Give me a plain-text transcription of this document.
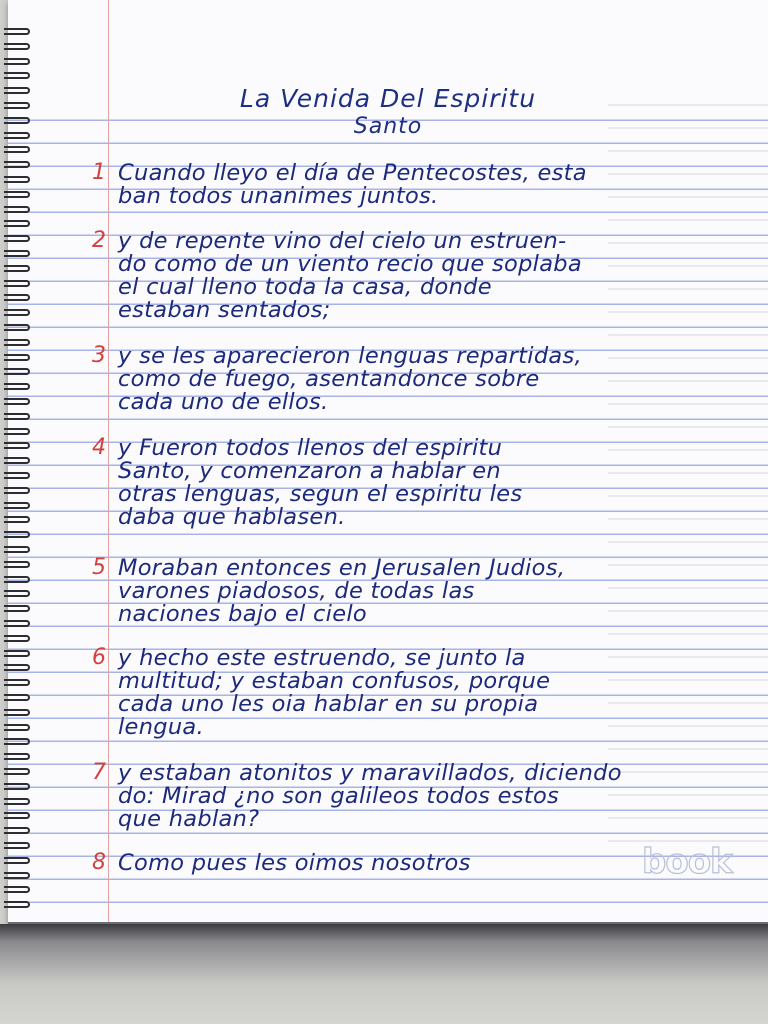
La Venida Del Espiritu
Santo
1 Cuando lleyo el día de Pentecostes, esta
ban todos unanimes juntos.
2 y de repente vino del cielo un estruen-
do como de un viento recio que soplaba
el cual lleno toda la casa, donde
estaban sentados;
3 y se les aparecieron lenguas repartidas,
como de fuego, asentandonce sobre
cada uno de ellos.
4 y Fueron todos llenos del espiritu
Santo, y comenzaron a hablar en
otras lenguas, segun el espiritu les
daba que hablasen.
5 Moraban entonces en Jerusalen Judios,
varones piadosos, de todas las
naciones bajo el cielo
6 y hecho este estruendo, se junto la
multitud; y estaban confusos, porque
cada uno les oia hablar en su propia
lengua.
7 y estaban atonitos y maravillados, diciendo
do: Mirad ¿no son galileos todos estos
que hablan?
8 Como pues les oimos nosotros	book
